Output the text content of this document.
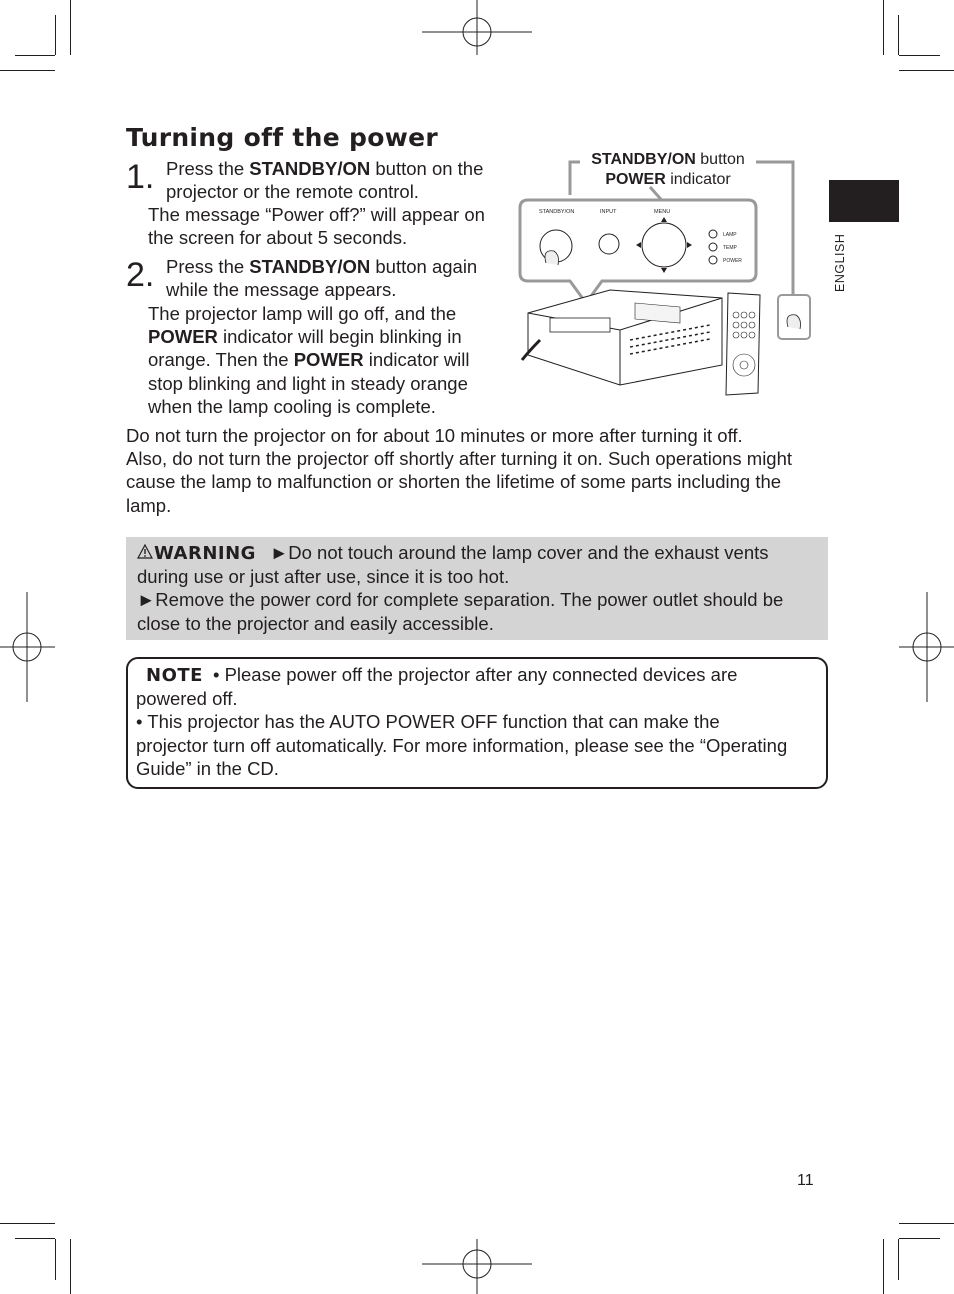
Turning off the power
ENGLISH
1. Press the STANDBY/ON button on the
projector or the remote control.
The message “Power off?” will appear on
the screen for about 5 seconds.
2. Press the STANDBY/ON button again
while the message appears.
The projector lamp will go off, and the
POWER indicator will begin blinking in
orange. Then the POWER indicator will
stop blinking and light in steady orange
when the lamp cooling is complete.
STANDBY/ON button
POWER indicator
STANDBY/ON	INPUT	MENU
LAMP
TEMP
POWER
Do not turn the projector on for about 10 minutes or more after turning it off.
Also, do not turn the projector off shortly after turning it on. Such operations might
cause the lamp to malfunction or shorten the lifetime of some parts including the
lamp.
WARNING ►Do not touch around the lamp cover and the exhaust vents
during use or just after use, since it is too hot.
►Remove the power cord for complete separation. The power outlet should be
close to the projector and easily accessible.
NOTE • Please power off the projector after any connected devices are
powered off.
• This projector has the AUTO POWER OFF function that can make the
projector turn off automatically. For more information, please see the “Operating
Guide” in the CD.
11
